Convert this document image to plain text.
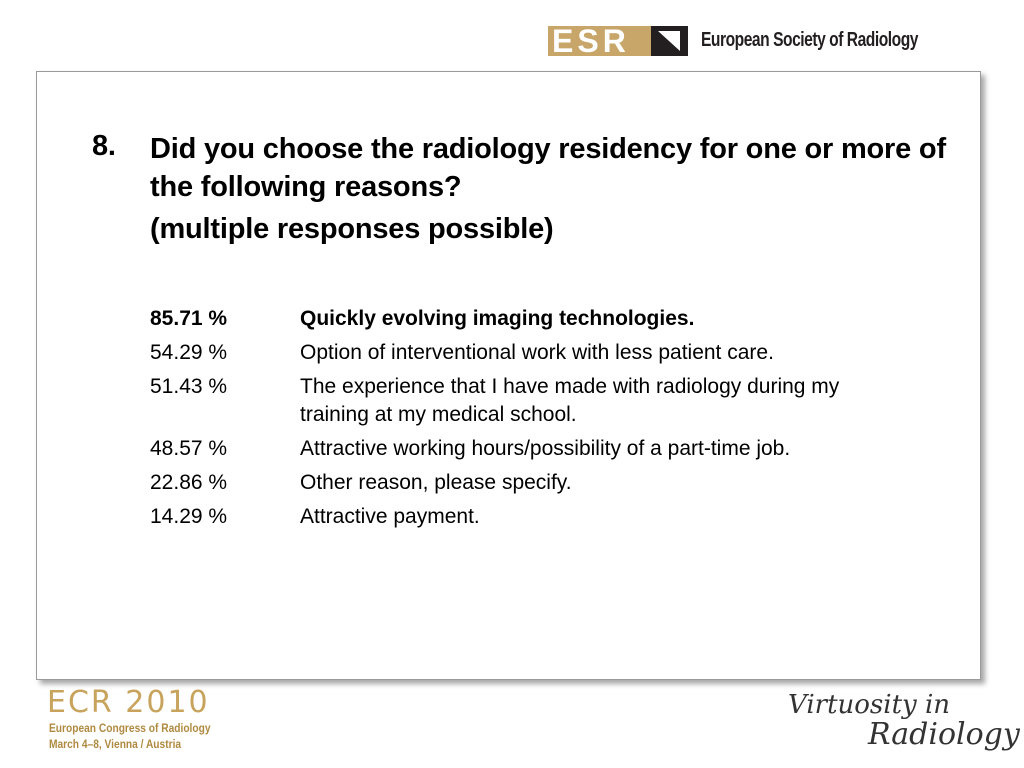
ESR	European Society of Radiology
8. Did you choose the radiology residency for one or more of the following reasons?
(multiple responses possible)
85.71 %	Quickly evolving imaging technologies.
54.29 %	Option of interventional work with less patient care.
51.43 %	The experience that I have made with radiology during my training at my medical school.
48.57 %	Attractive working hours/possibility of a part-time job.
22.86 %	Other reason, please specify.
14.29 %	Attractive payment.
ECR 2010
European Congress of Radiology
March 4–8, Vienna / Austria
Virtuosity in
Radiology
